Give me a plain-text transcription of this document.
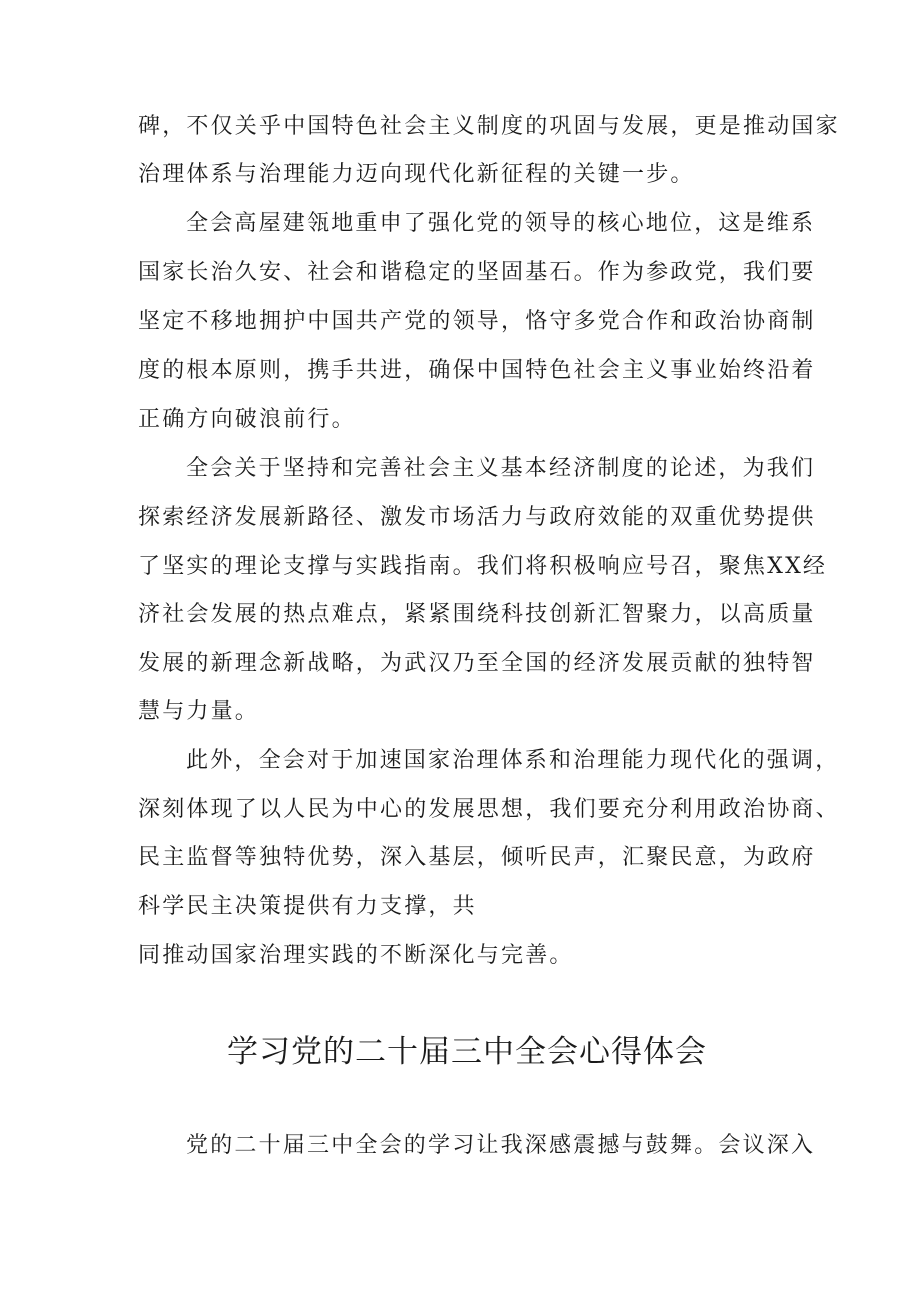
碑，不仅关乎中国特色社会主义制度的巩固与发展，更是推动国家
治理体系与治理能力迈向现代化新征程的关键一步。
全会高屋建瓴地重申了强化党的领导的核心地位，这是维系
国家长治久安、社会和谐稳定的坚固基石。作为参政党，我们要
坚定不移地拥护中国共产党的领导，恪守多党合作和政治协商制
度的根本原则，携手共进，确保中国特色社会主义事业始终沿着
正确方向破浪前行。
全会关于坚持和完善社会主义基本经济制度的论述，为我们
探索经济发展新路径、激发市场活力与政府效能的双重优势提供
了坚实的理论支撑与实践指南。我们将积极响应号召，聚焦XX经
济社会发展的热点难点，紧紧围绕科技创新汇智聚力，以高质量
发展的新理念新战略，为武汉乃至全国的经济发展贡献的独特智
慧与力量。
此外，全会对于加速国家治理体系和治理能力现代化的强调，
深刻体现了以人民为中心的发展思想，我们要充分利用政治协商、
民主监督等独特优势，深入基层，倾听民声，汇聚民意，为政府
科学民主决策提供有力支撑，共
同推动国家治理实践的不断深化与完善。
学习党的二十届三中全会心得体会
党的二十届三中全会的学习让我深感震撼与鼓舞。会议深入
